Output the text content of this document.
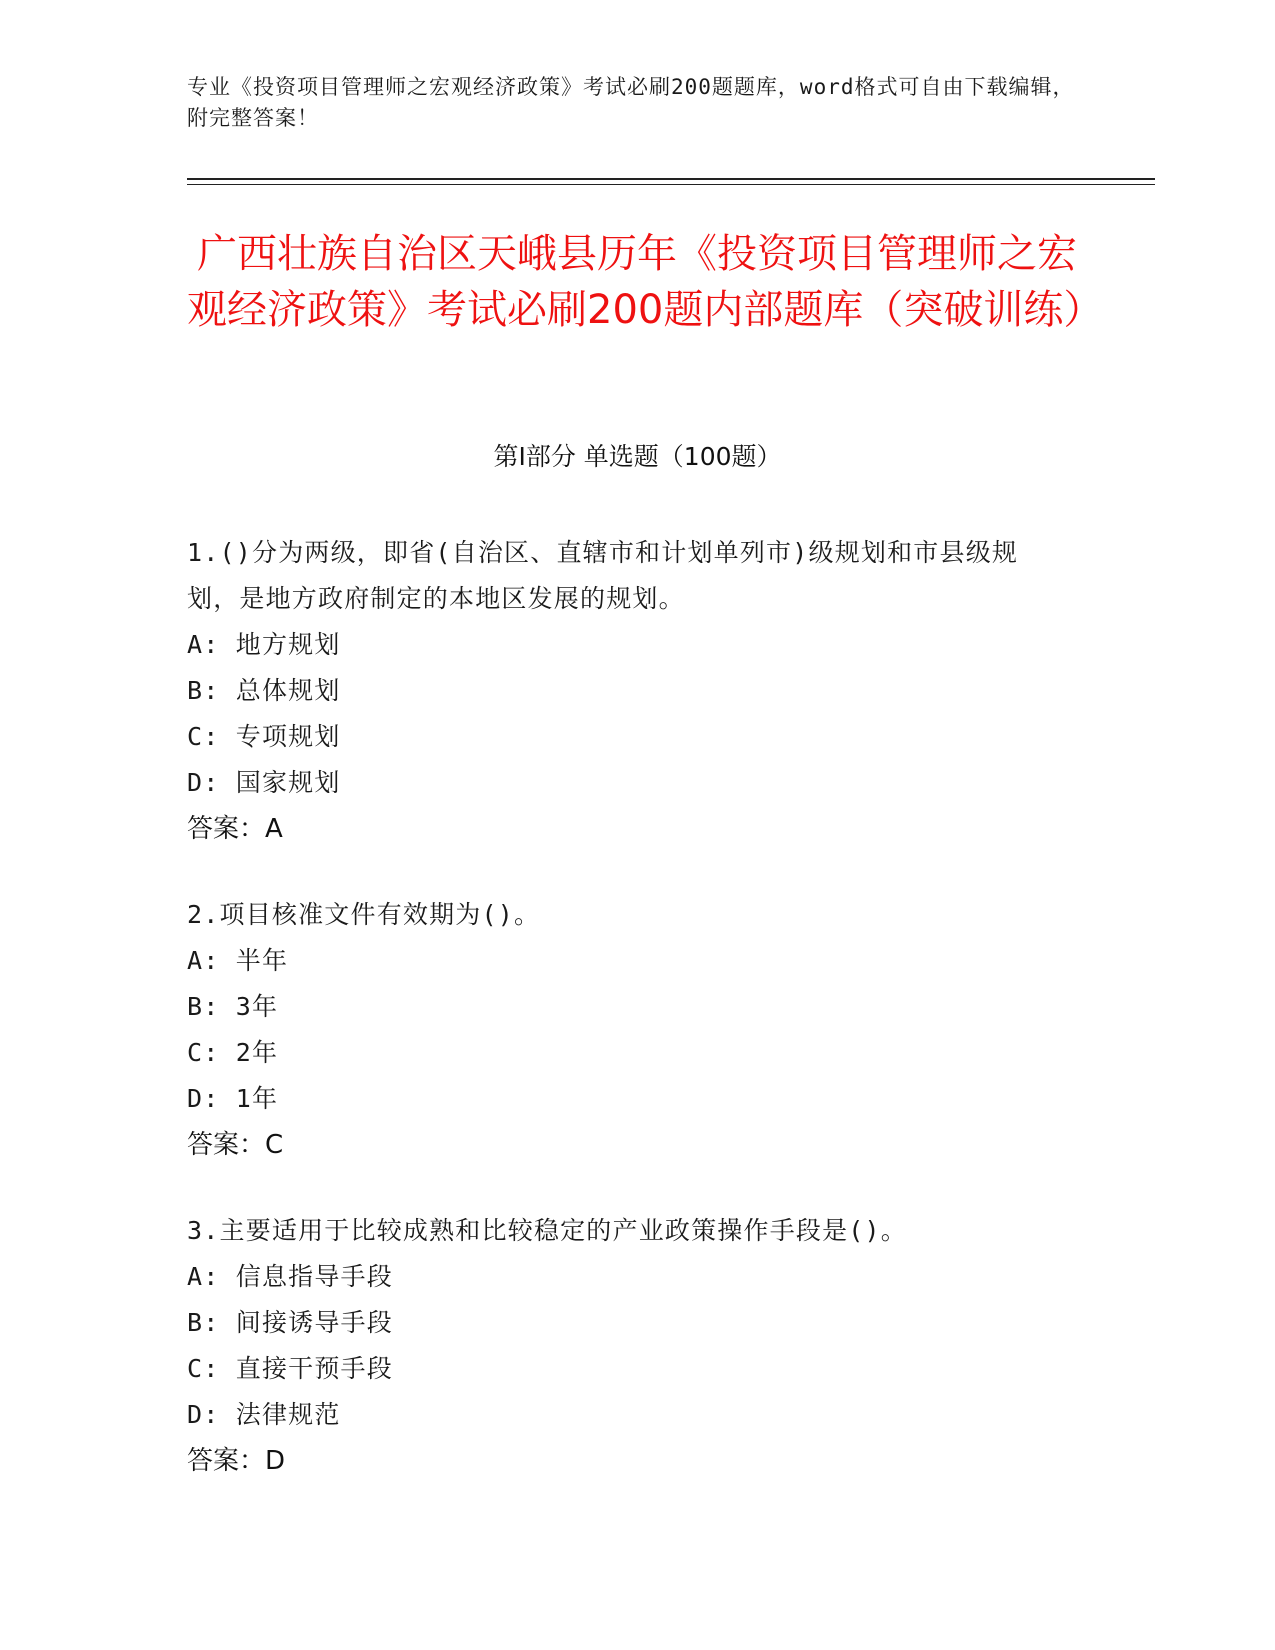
专业《投资项目管理师之宏观经济政策》考试必刷200题题库，word格式可自由下载编辑，附完整答案！
广西壮族自治区天峨县历年《投资项目管理师之宏观经济政策》考试必刷200题内部题库（突破训练）
第I部分 单选题（100题）
1.()分为两级，即省(自治区、直辖市和计划单列市)级规划和市县级规划，是地方政府制定的本地区发展的规划。
A: 地方规划
B: 总体规划
C: 专项规划
D: 国家规划
答案：A
2.项目核准文件有效期为()。
A: 半年
B: 3年
C: 2年
D: 1年
答案：C
3.主要适用于比较成熟和比较稳定的产业政策操作手段是()。
A: 信息指导手段
B: 间接诱导手段
C: 直接干预手段
D: 法律规范
答案：D
